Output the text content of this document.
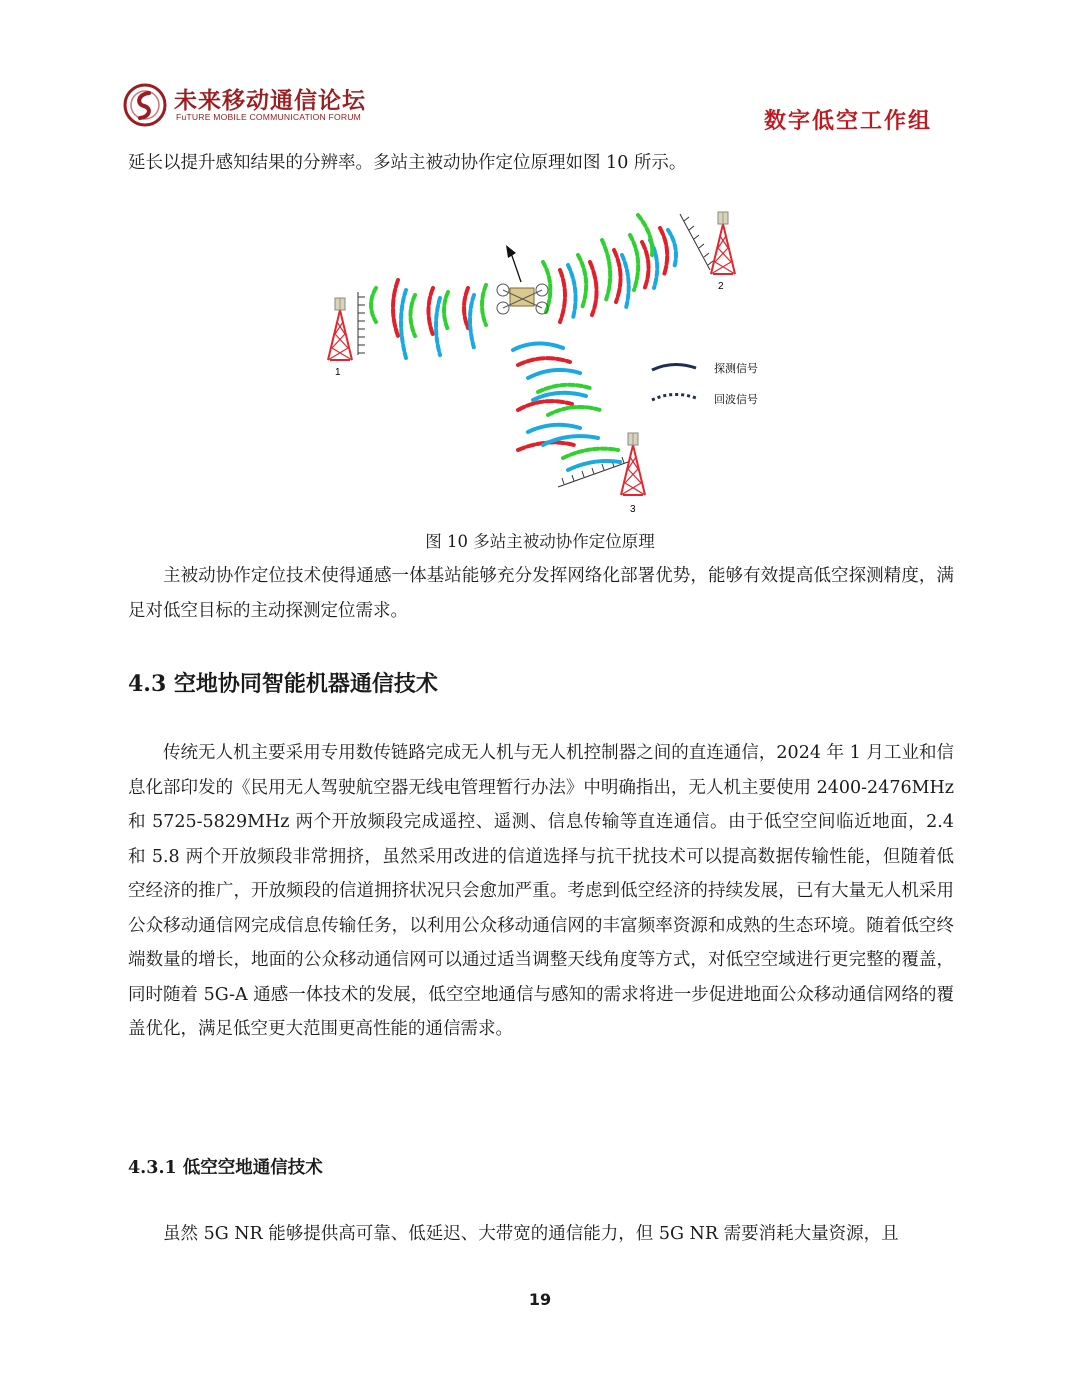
未来移动通信论坛
FuTURE MOBILE COMMUNICATION FORUM	数字低空工作组

延长以提升感知结果的分辨率。多站主被动协作定位原理如图 10 所示。

1
2
3
探测信号
回波信号
图 10 多站主被动协作定位原理

主被动协作定位技术使得通感一体基站能够充分发挥网络化部署优势，能够有效提高低空探测精度，满足对低空目标的主动探测定位需求。

4.3 空地协同智能机器通信技术

传统无人机主要采用专用数传链路完成无人机与无人机控制器之间的直连通信，2024 年 1 月工业和信息化部印发的《民用无人驾驶航空器无线电管理暂行办法》中明确指出，无人机主要使用 2400-2476MHz 和 5725-5829MHz 两个开放频段完成遥控、遥测、信息传输等直连通信。由于低空空间临近地面，2.4 和 5.8 两个开放频段非常拥挤，虽然采用改进的信道选择与抗干扰技术可以提高数据传输性能，但随着低空经济的推广，开放频段的信道拥挤状况只会愈加严重。考虑到低空经济的持续发展，已有大量无人机采用公众移动通信网完成信息传输任务，以利用公众移动通信网的丰富频率资源和成熟的生态环境。随着低空终端数量的增长，地面的公众移动通信网可以通过适当调整天线角度等方式，对低空空域进行更完整的覆盖，同时随着 5G-A 通感一体技术的发展，低空空地通信与感知的需求将进一步促进地面公众移动通信网络的覆盖优化，满足低空更大范围更高性能的通信需求。

4.3.1 低空空地通信技术

虽然 5G NR 能够提供高可靠、低延迟、大带宽的通信能力，但 5G NR 需要消耗大量资源，且

19
